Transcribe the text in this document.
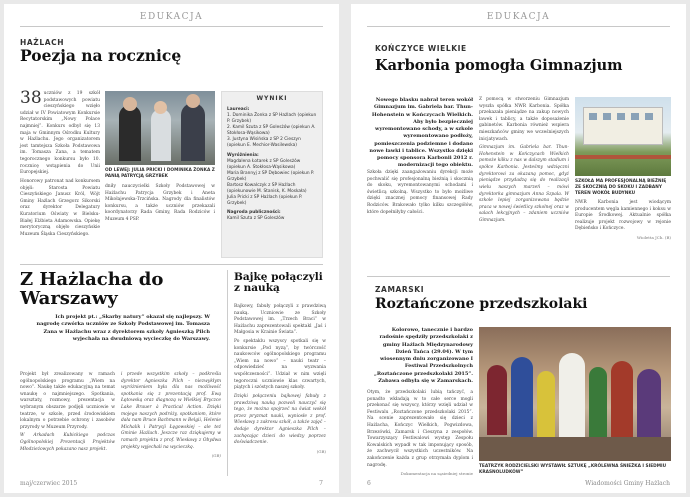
EDUKACJA
HAŻLACH
Poezja na rocznicę

38 uczniów z 19 szkół podstawowych powiatu cieszyńskiego wzięło udział w IV Powiatowym Konkursie Recytatorskim „Nowy Polace najmniej”. Konkurs odbył się 13 maja w Gminnym Ośrodku Kultury w Hażlachu. Jego organizatorem jest tamtejsza Szkoła Podstawowa im. Tomasza Zana, a tematem tegorocznego konkursu było 10. rocznicę wstąpienia do Unii Europejskiej.

Honorowy patronat nad konkursem objęli: Starosta Powiatu Cieszyńskiego Janusz Król, Wójt Gminy Hażlach Grzegorz Sikorski oraz dyrektor Delegatury Kuratorium Oświaty w Bielsku-Białej Elżbieta Adamowska. Opiekę merytoryczną objęło cieszyńskie Muzeum Śląska Cieszyńskiego.

OD LEWEJ: JULIA PRICKI I DOMINIKA ŻONKA Z PANIĄ PATRYCJĄ GRZYBEK

dniły nauczycielki Szkoły Podstawowej w Hażlachu Patrycja Grzybek i Aneta Mikołajewska-Trzcińska. Nagrody dla finalistów konkursu, a także uczniów przekazali koordynatorzy Rada Gminy, Rada Rodziców i Muzeum 4 PSP.

WYNIKI
Laureaci:
1. Dominika Żonka z SP Hażlach (opiekun P. Grzybek)
2. Kamil Szuta z SP Golesżów (opiekun A. Stokłosa-Wąsikowa)
3. Justyna Wisińska z SP 2 Cieszyn (opiekun E. Mechior-Wasilewska)
Wyróżnienia:
Magdalena Łotarek z SP Golesżów (opiekun A. Stokłosa-Wąsikowa)
Maria Brannyj z SP Dębowiec (opiekun P. Grzybek)
Bartosz Kowalczyk z SP Hażlach (opiekunowie M. Stanisk, K. Moskała)
Julia Pricki z SP Hażlach (opiekun P. Grzybek)
Nagroda publiczności:
Kamil Szuta z SP Golesżów
Z Hażlacha do Warszawy
Ich projekt pt.: „Skarby natury” okazał się najlepszy. W nagrodę czwórka uczniów ze Szkoły Podstawowej im. Tomasza Zana w Hażlachu wraz z dyrektorem szkoły Agnieszką Pilch wyjechała na dwudniową wycieczkę do Warszawy.

Projekt był zrealizowany w ramach ogólnopolskiego programu „Wiem na nowo”. Naukę także edukacyjną na temat wnaukę o najmniejszego. Spotkania, warsztaty, rozmowy, prezentacja w wybranym obszarze podjęli uczniowie w teatrze, w szkole, przed środowiskiem lokalnym o potrzebie ochrony i zasobów przyrody w Muzeum Przyrody.

W Arkadach Kubickiego podczas Ogólnopolskiej Prezentacji Projektów Młodzieżowych pokazano nasz projekt.

i przede wszystkim szkoły – podkreśla dyrektor Agnieszka Pilch – niezwykłym wyróżnieniem była dla nas możliwość spotkania się z prezentacją prof. Ewą Łętowską oraz diagnozą w Wielkiej Bryczce Lake Brauer à Practical Action. Dzięki mojego naszych podróży, spotkaniom, które dała nam Bruce Bachmann w Belgii, Helenie Michalik i Patrycji Łęgowskiej – ale też Gminie Hażlach. Jeszcze raz dziękujemy w ramach projektu z prof. Wiesławy z Obydwa projekty wyjechali na wycieczkę.

(GB)

Bajkę połączyli z nauką

Bajkowy, fabuły połączyli z prawdziwą nauką. Uczniowie ze Szkoły Podstawowej im. „Trzech Braci” w Hażlachu zaprezentowali spektakl „Jaś i Małgosia w Krainie Świata”.

Po spektaklu wszyscy spotkali się w konkursie „Pod nyzą”, by twórczość naukowców ogólnopolskiego programu „Wiem na nowo” – nauki teatr – odpowiedzieć na wyzwania współczesności”. Udział w nim wzięli tegoroczni uczniowie klas czwartych, piątych i szóstych naszej szkoły.

Dzięki połączeniu bajkowej fabuły z prawdziwą nauką pozwoli nauczyć się tego, że można spojrzeć na świat wokół przez pryzmat nauki, wyniosłe z prof. Wiesławy z zakresu szkół, a także zajęć – dodaje dyrektor Agnieszka Pilch – zachęcając dzieci do wiedzy poprzez doświadczenie.

(GB)

maj/czerwiec 2015	7
EDUKACJA
KOŃCZYCE WIELKIE
Karbonia pomogła Gimnazjum
Nowego blasku nabrał teren wokół Gimnazjum im. Gabriela bar. Thun-Hohenstein w Kończycach Wielkich. Aby było bezpieczniej wyremontowano schody, a w szkole wyremontowano podłoży, pomieszczenia podziemne i dodano nowe ławki i tablice. Wszystko dzięki pomocy sponsora Karbonii 2012 r. modernizacji tego obiektu.

Szkoła dzięki zaangażowaniu dyrekcji może pochwalić się profesjonalną bieżnią i skocznią do skoku, wyremontowanymi schodami i świetlicą szkolną. Wszystko to było możliwe dzięki znacznej pomocy finansowej Rady Rodziców. Brakowało tylko kilku szczegółów, które dopełniłyby całości.

Z pomocą w stworzeniu Gimnazjum wyszła spółka NWR Karbonia. Spółka przekazała pieniądze na zakup nowych ławek i tablicy, a także doposażenie gabinetów. Karbonia również wspiera mieszkańców gminy we wcześniejszych inicjatywach.

Gimnazjum im. Gabriela bar. Thun-Hohenstein w Kończycach Wielkich pomoże kilku z nas w dalszym stadium i spółce Karbonia. Jesteśmy wdzięczni dyrektorowi za okazaną pomoc, gdyż pieniądze przydadzą się do realizacji wielu naszych marzeń – mówi dyrektorka gimnazjum Anna Szpala. W szkole lepiej zorganizowana będzie praca w nowej świetlicy szkolnej oraz w salach lekcyjnych – zdaniem uczniów Gimnazjum.

SZKOŁA MA PROFESJONALNĄ BIEŻNIĘ ZE SKOCZNIĄ DO SKOKU I ZADBANY TEREN WOKÓŁ BUDYNKU

NWR Karbonia jest wiodącym producentem węgla kamiennego i koksu w Europie Środkowej. Aktualnie spółka realizuje projekt rozwojowy w rejonie Dębieńsko i Kończyce.

Wioletta JCh. (B)

ZAMARSKI
Roztańczone przedszkolaki
Kolorowo, tanecznie i bardzo radośnie spędziły przedszkolaki z gminy Hażlach Międzynarodowy Dzień Tańca (29.04). W tym wiosennym dniu zorganizowano I Festiwal Przedszkolnych „Roztańczone przedszkolaki 2015”. Zabawa odbyła się w Zamarskach.

Otym, że przedszkolaki lubią tańczyć, a ponadto wkładają w to całe serce mogli przekonać się wszyscy, którzy wzięli udział w Festiwalu „Roztańczone przedszkolaki 2015”. Na scenie zaprezentowało się dzieci z Hażlacha, Kończyc Wielkich, Pogwizdowa, Brzezówki, Zamarsk i Cieszyna z zespołów. Towarzyszący Festiwalowi występ Zespołu Kowalskich wypadł w tak imponujący sposób, że zachwycił wszystkich uczestników. Na zakończenie każda z grup otrzymała dyplom i nagrodę.

Dokumentacja na sąsiedniej stronie

TEATRZYK RODZICIELSKI WYSTAWIŁ SZTUKĘ „KRÓLEWNA ŚNIEŻKA I SIEDMIU KRASNOLUDKÓW”
6	Wiadomości Gminy Hażlach
